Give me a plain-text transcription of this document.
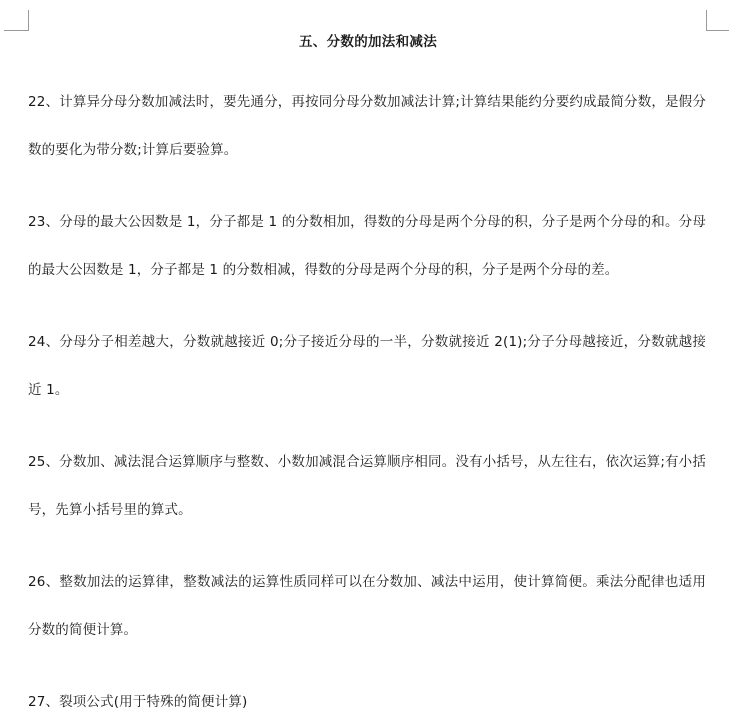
五、分数的加法和减法

22、计算异分母分数加减法时，要先通分，再按同分母分数加减法计算;计算结果能约分要约成最简分数，是假分数的要化为带分数;计算后要验算。

23、分母的最大公因数是 1，分子都是 1 的分数相加，得数的分母是两个分母的积，分子是两个分母的和。分母的最大公因数是 1，分子都是 1 的分数相减，得数的分母是两个分母的积，分子是两个分母的差。

24、分母分子相差越大，分数就越接近 0;分子接近分母的一半，分数就接近 2(1);分子分母越接近，分数就越接近 1。

25、分数加、减法混合运算顺序与整数、小数加减混合运算顺序相同。没有小括号，从左往右，依次运算;有小括号，先算小括号里的算式。

26、整数加法的运算律，整数减法的运算性质同样可以在分数加、减法中运用，使计算简便。乘法分配律也适用分数的简便计算。

27、裂项公式(用于特殊的简便计算)
